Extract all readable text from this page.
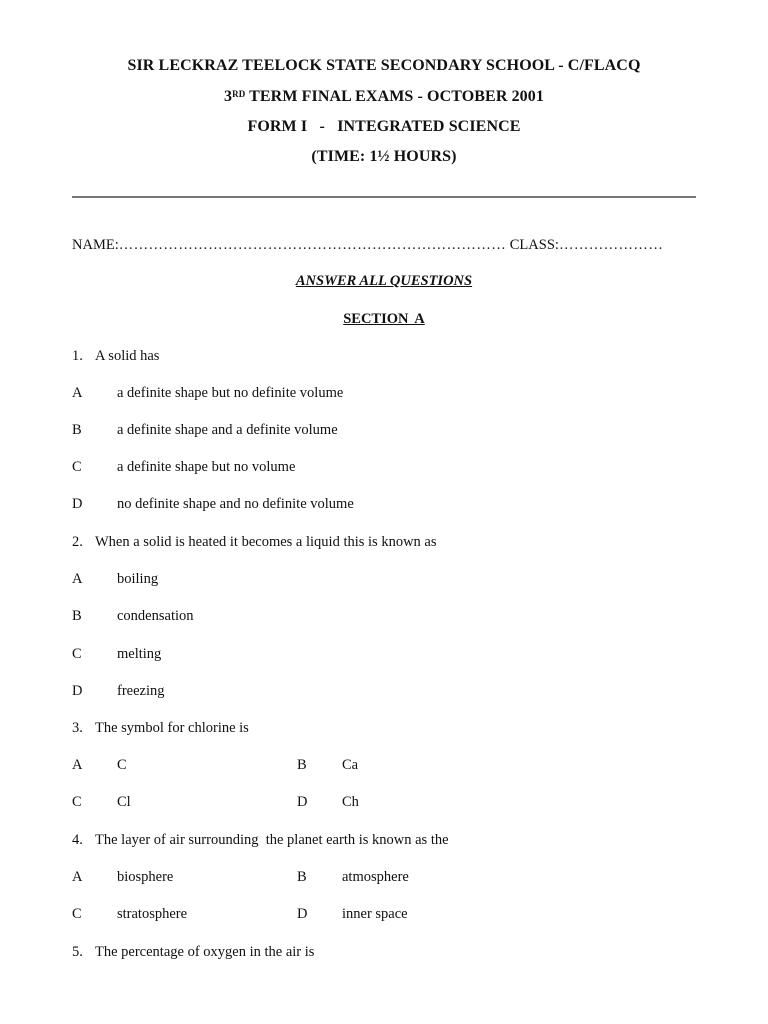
SIR LECKRAZ TEELOCK STATE SECONDARY SCHOOL - C/FLACQ
3RD TERM FINAL EXAMS - OCTOBER 2001
FORM I   -   INTEGRATED SCIENCE
(TIME: 1½ HOURS)
NAME:…………………………………………………………………… CLASS:…………………
ANSWER ALL QUESTIONS
SECTION A
1. A solid has
A a definite shape but no definite volume
B a definite shape and a definite volume
C a definite shape but no volume
D no definite shape and no definite volume
2. When a solid is heated it becomes a liquid this is known as
A boiling
B condensation
C melting
D freezing
3. The symbol for chlorine is
A C	B Ca
C Cl	D Ch
4. The layer of air surrounding  the planet earth is known as the
A biosphere	B atmosphere
C stratosphere	D inner space
5. The percentage of oxygen in the air is
